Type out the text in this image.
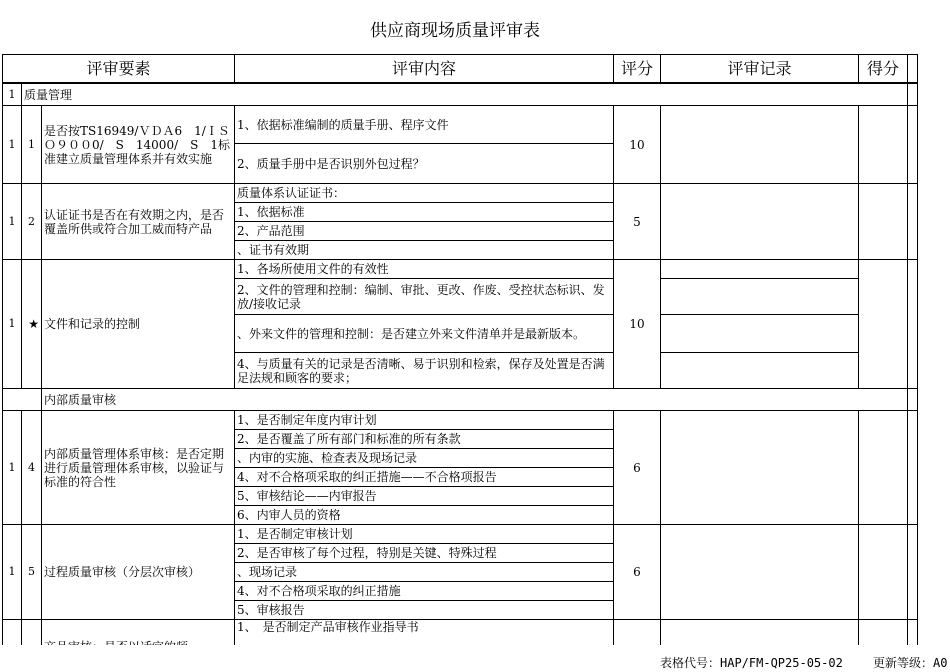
供应商现场质量评审表
评审要素			评审内容	评分	评审记录	得分	
1	质量管理						
1	1	是否按TS16949/ＶＤＡ6　1/ＩＳＯ９００0/　S　14000/　S　1标准建立质量管理体系并有效实施	1、依据标准编制的质量手册、程序文件	10			
			2、质量手册中是否识别外包过程？				
1	2	认证证书是否在有效期之内，是否覆盖所供或符合加工威而特产品	质量体系认证证书：	5			
			1、依据标准				
			2、产品范围				
			、证书有效期				
1	★	文件和记录的控制	1、各场所使用文件的有效性	10			
			2、文件的管理和控制：编制、审批、更改、作废、受控状态标识、发放/接收记录				
			、外来文件的管理和控制：是否建立外来文件清单并是最新版本。				
			4、与质量有关的记录是否清晰、易于识别和检索，保存及处置是否满足法规和顾客的要求；				
		内部质量审核					
1	4	内部质量管理体系审核：是否定期进行质量管理体系审核，以验证与标准的符合性	1、是否制定年度内审计划	6			
			2、是否覆盖了所有部门和标准的所有条款				
			、内审的实施、检查表及现场记录				
			4、对不合格项采取的纠正措施——不合格项报告				
			5、审核结论——内审报告				
			6、内审人员的资格				
1	5	过程质量审核（分层次审核）	1、是否制定审核计划	6			
			2、是否审核了每个过程，特别是关键、特殊过程				
			、现场记录				
			4、对不合格项采取的纠正措施				
			5、审核报告				
			1、　是否制定产品审核作业指导书				
表格代号：HAP/FM-QP25-05-02	更新等级：A0
